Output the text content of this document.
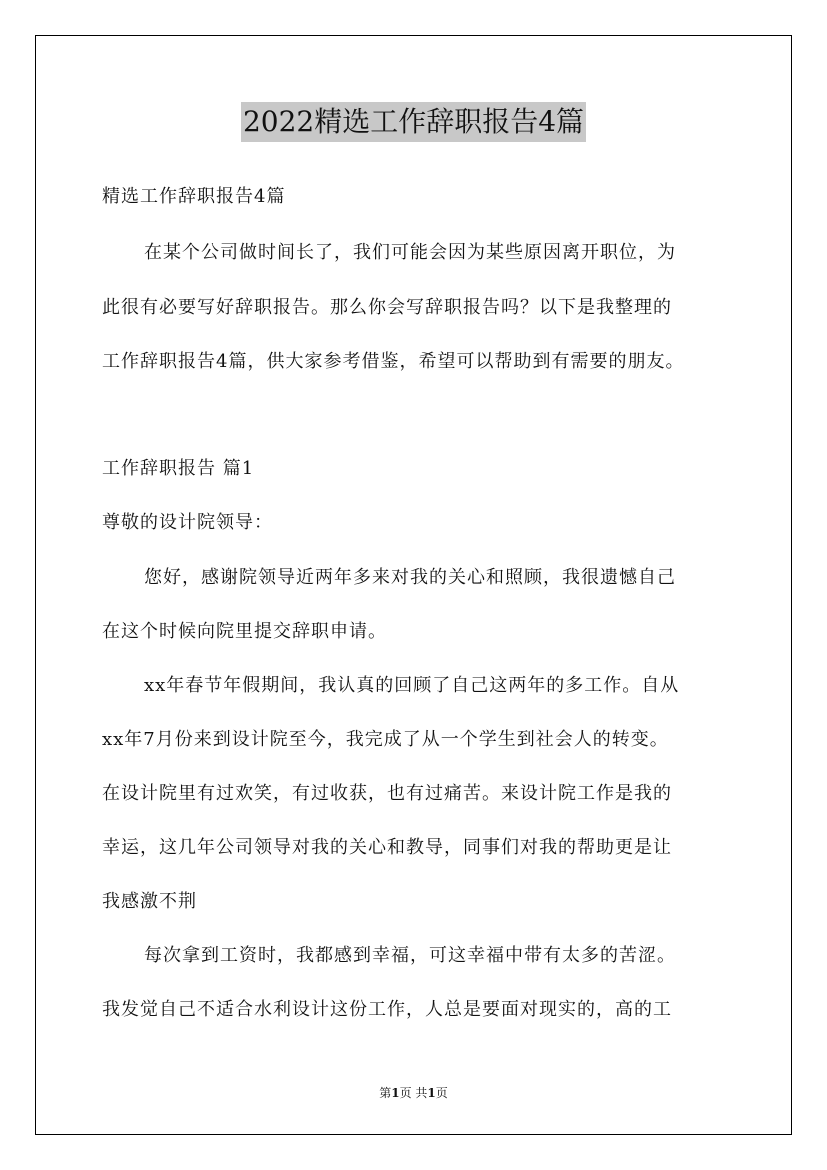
2022精选工作辞职报告4篇
精选工作辞职报告4篇
在某个公司做时间长了，我们可能会因为某些原因离开职位，为
此很有必要写好辞职报告。那么你会写辞职报告吗？以下是我整理的
工作辞职报告4篇，供大家参考借鉴，希望可以帮助到有需要的朋友。
工作辞职报告 篇1
尊敬的设计院领导：
您好，感谢院领导近两年多来对我的关心和照顾，我很遗憾自己
在这个时候向院里提交辞职申请。
xx年春节年假期间，我认真的回顾了自己这两年的多工作。自从
xx年7月份来到设计院至今，我完成了从一个学生到社会人的转变。
在设计院里有过欢笑，有过收获，也有过痛苦。来设计院工作是我的
幸运，这几年公司领导对我的关心和教导，同事们对我的帮助更是让
我感激不荆
每次拿到工资时，我都感到幸福，可这幸福中带有太多的苦涩。
我发觉自己不适合水利设计这份工作，人总是要面对现实的，高的工
第1页 共1页
